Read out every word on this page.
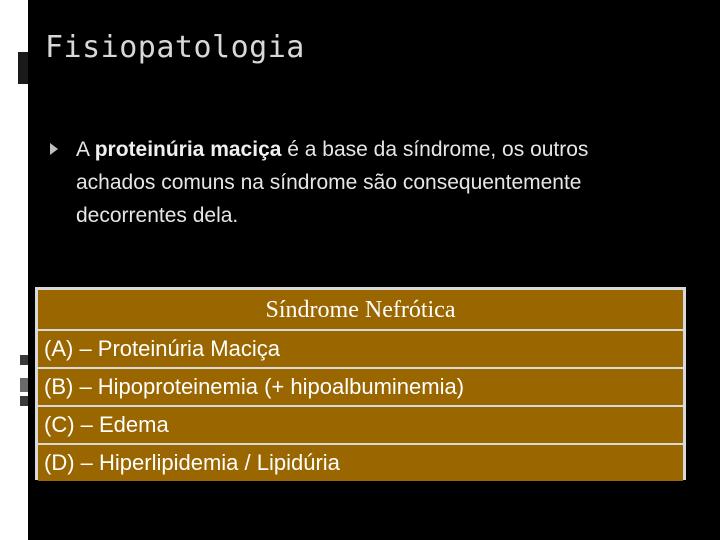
Fisiopatologia

A proteinúria maciça é a base da síndrome, os outros achados comuns na síndrome são consequentemente decorrentes dela.

Síndrome Nefrótica
(A) – Proteinúria Maciça
(B) – Hipoproteinemia (+ hipoalbuminemia)
(C) – Edema
(D) – Hiperlipidemia / Lipidúria
